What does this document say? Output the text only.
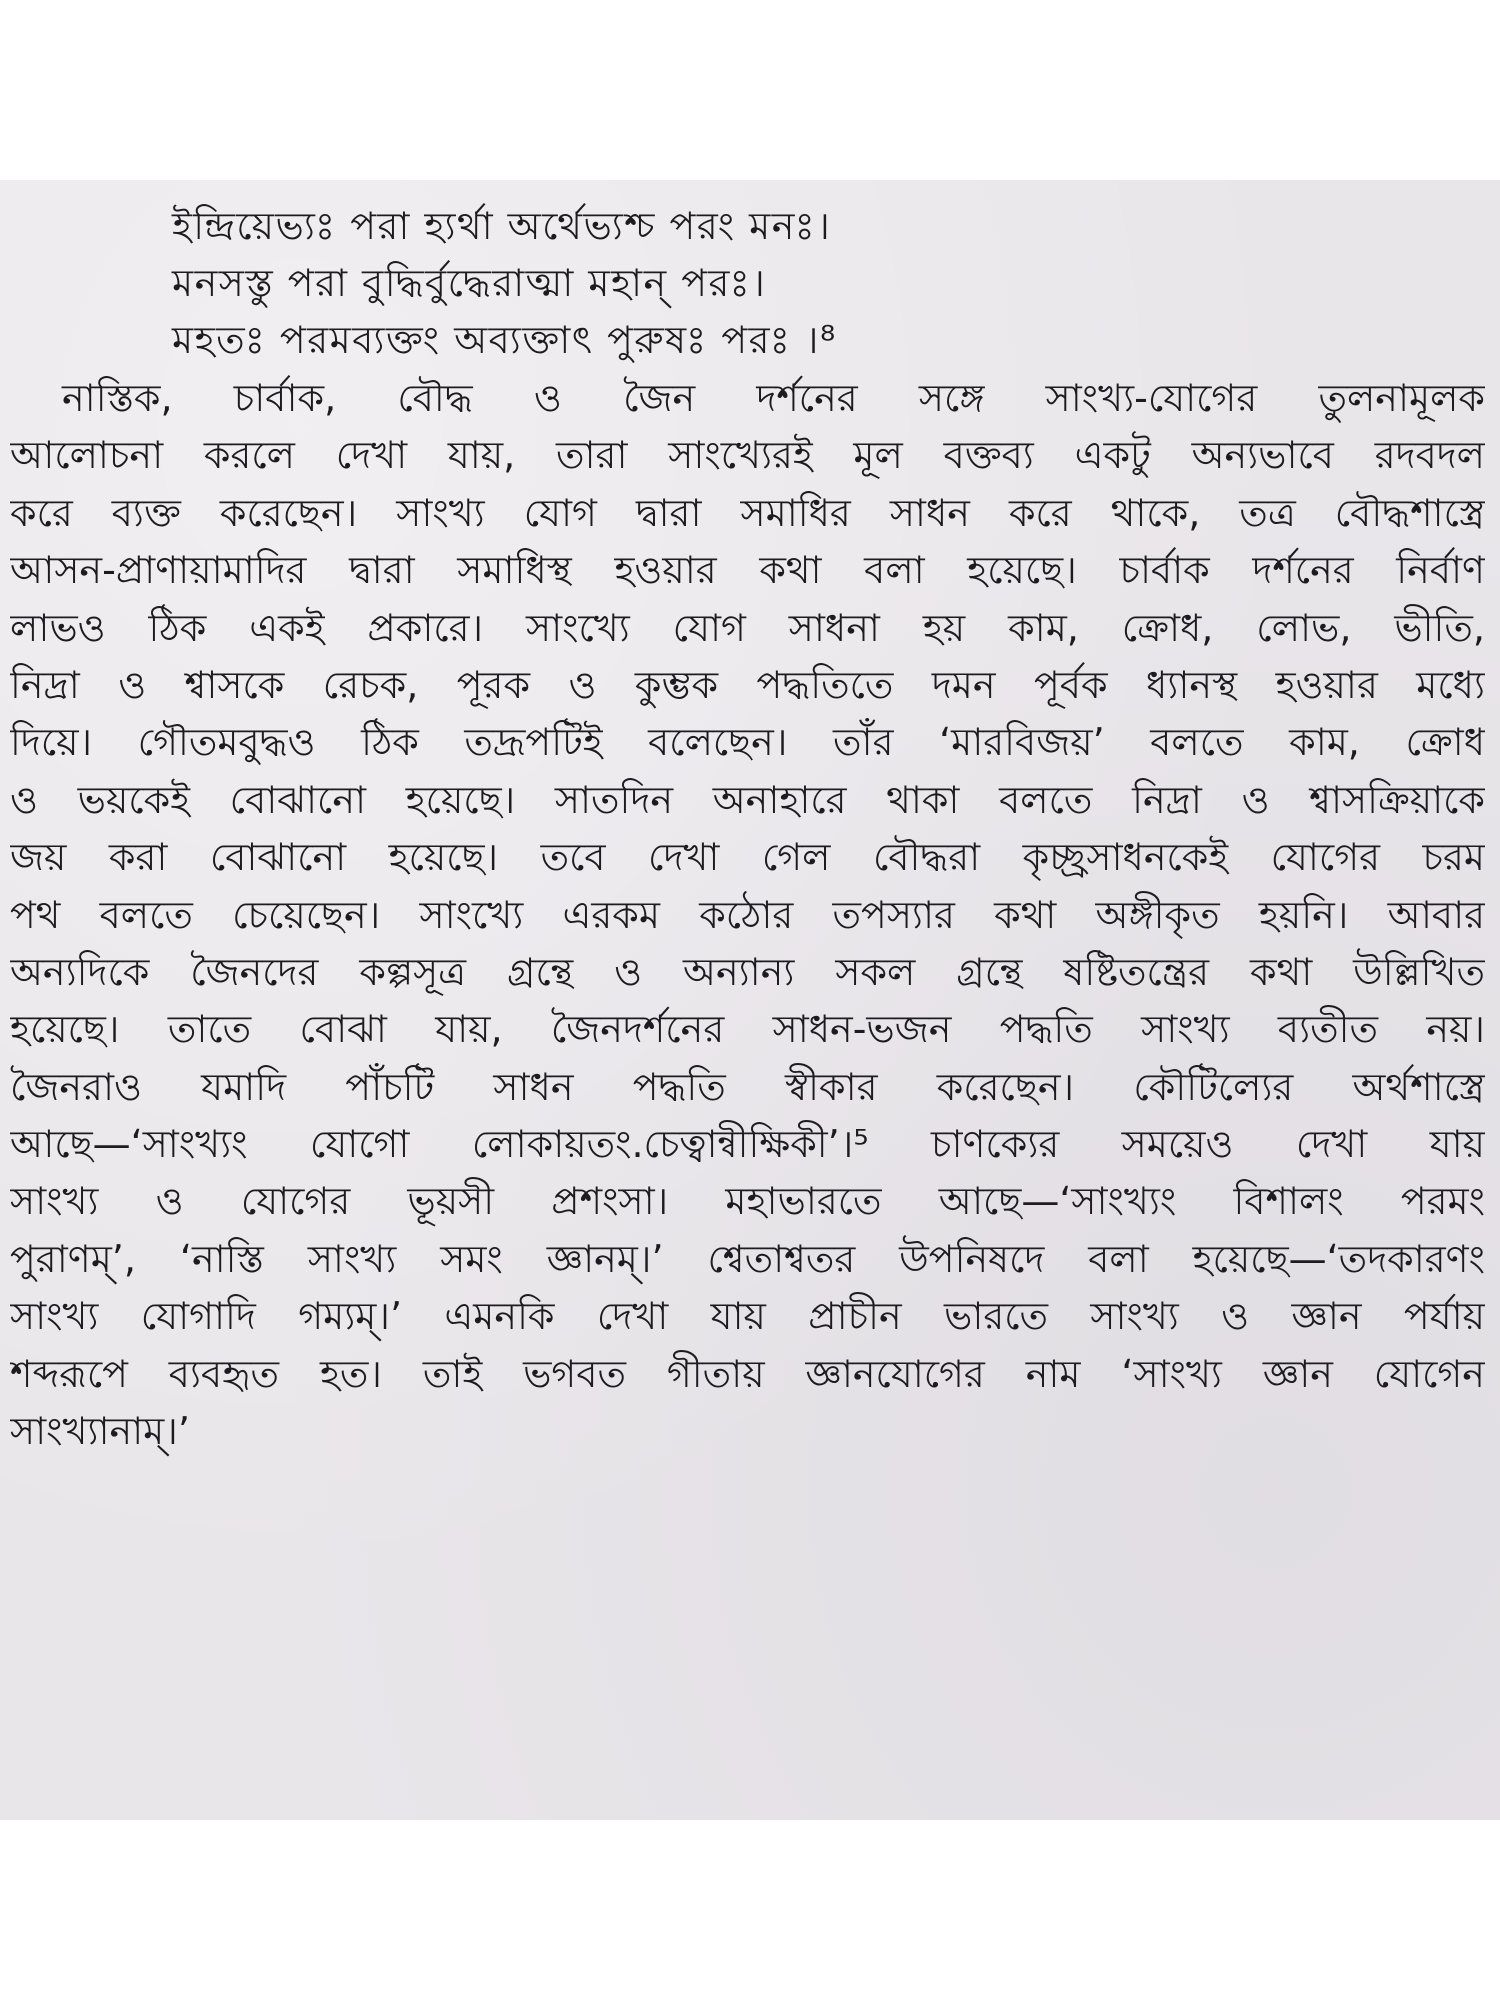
ইন্দ্রিয়েভ্যঃ পরা হ্যর্থা অর্থেভ্যশ্চ পরং মনঃ।
মনসস্তু পরা বুদ্ধির্বুদ্ধেরাত্মা মহান্ পরঃ।
মহতঃ পরমব্যক্তং অব্যক্তাৎ পুরুষঃ পরঃ ।⁸
নাস্তিক, চার্বাক, বৌদ্ধ ও জৈন দর্শনের সঙ্গে সাংখ্য-যোগের তুলনামূলক
আলোচনা করলে দেখা যায়, তারা সাংখ্যেরই মূল বক্তব্য একটু অন্যভাবে রদবদল
করে ব্যক্ত করেছেন। সাংখ্য যোগ দ্বারা সমাধির সাধন করে থাকে, তত্র বৌদ্ধশাস্ত্রে
আসন-প্রাণায়ামাদির দ্বারা সমাধিস্থ হওয়ার কথা বলা হয়েছে। চার্বাক দর্শনের নির্বাণ
লাভও ঠিক একই প্রকারে। সাংখ্যে যোগ সাধনা হয় কাম, ক্রোধ, লোভ, ভীতি,
নিদ্রা ও শ্বাসকে রেচক, পূরক ও কুম্ভক পদ্ধতিতে দমন পূর্বক ধ্যানস্থ হওয়ার মধ্যে
দিয়ে। গৌতমবুদ্ধও ঠিক তদ্রূপটিই বলেছেন। তাঁর ‘মারবিজয়’ বলতে কাম, ক্রোধ
ও ভয়কেই বোঝানো হয়েছে। সাতদিন অনাহারে থাকা বলতে নিদ্রা ও শ্বাসক্রিয়াকে
জয় করা বোঝানো হয়েছে। তবে দেখা গেল বৌদ্ধরা কৃচ্ছ্রসাধনকেই যোগের চরম
পথ বলতে চেয়েছেন। সাংখ্যে এরকম কঠোর তপস্যার কথা অঙ্গীকৃত হয়নি। আবার
অন্যদিকে জৈনদের কল্পসূত্র গ্রন্থে ও অন্যান্য সকল গ্রন্থে ষষ্টিতন্ত্রের কথা উল্লিখিত
হয়েছে। তাতে বোঝা যায়, জৈনদর্শনের সাধন-ভজন পদ্ধতি সাংখ্য ব্যতীত নয়।
জৈনরাও যমাদি পাঁচটি সাধন পদ্ধতি স্বীকার করেছেন। কৌটিল্যের অর্থশাস্ত্রে
আছে—‘সাংখ্যং যোগো লোকায়তং.চেত্বান্বীক্ষিকী’।⁵ চাণক্যের সময়েও দেখা যায়
সাংখ্য ও যোগের ভূয়সী প্রশংসা। মহাভারতে আছে—‘সাংখ্যং বিশালং পরমং
পুরাণম্’, ‘নাস্তি সাংখ্য সমং জ্ঞানম্।’ শ্বেতাশ্বতর উপনিষদে বলা হয়েছে—‘তদকারণং
সাংখ্য যোগাদি গম্যম্।’ এমনকি দেখা যায় প্রাচীন ভারতে সাংখ্য ও জ্ঞান পর্যায়
শব্দরূপে ব্যবহৃত হত। তাই ভগবত গীতায় জ্ঞানযোগের নাম ‘সাংখ্য জ্ঞান যোগেন
সাংখ্যানাম্।’
